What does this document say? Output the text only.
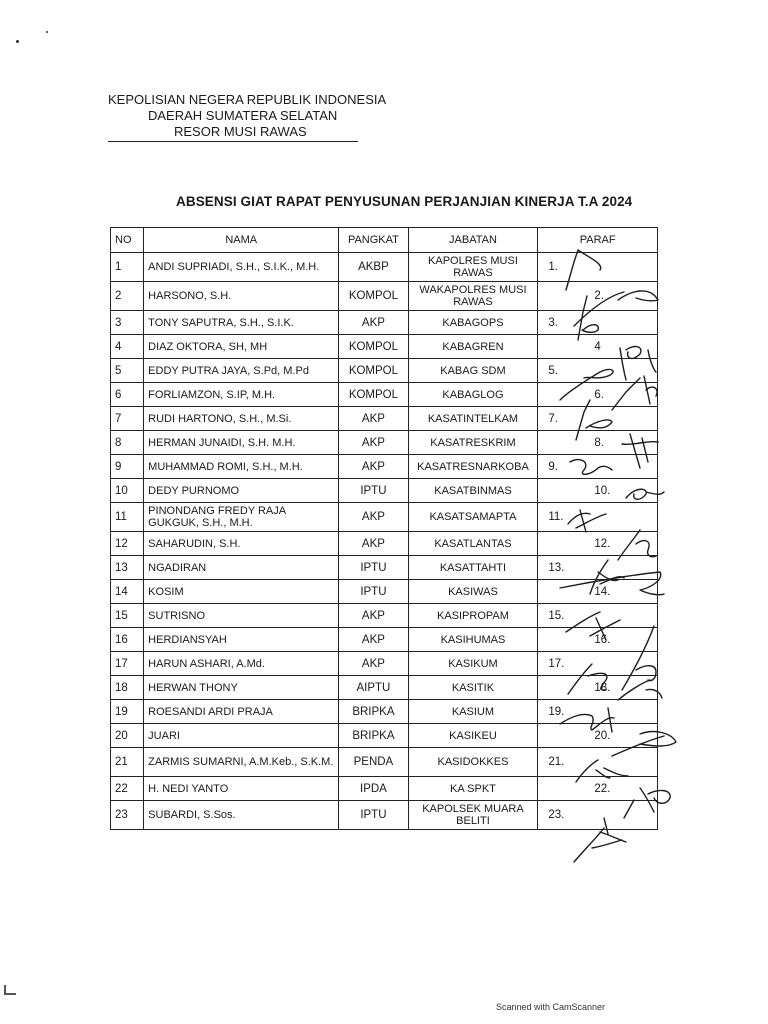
KEPOLISIAN NEGERA REPUBLIK INDONESIA
DAERAH SUMATERA SELATAN
RESOR MUSI RAWAS
ABSENSI GIAT RAPAT PENYUSUNAN PERJANJIAN KINERJA T.A 2024
NO	NAMA	PANGKAT	JABATAN	PARAF
1	ANDI SUPRIADI, S.H., S.I.K., M.H.	AKBP	KAPOLRES MUSI RAWAS	1.
2	HARSONO, S.H.	KOMPOL	WAKAPOLRES MUSI RAWAS	2.
3	TONY SAPUTRA, S.H., S.I.K.	AKP	KABAGOPS	3.
4	DIAZ OKTORA, SH, MH	KOMPOL	KABAGREN	4
5	EDDY PUTRA JAYA, S.Pd, M.Pd	KOMPOL	KABAG SDM	5.
6	FORLIAMZON, S.IP, M.H.	KOMPOL	KABAGLOG	6.
7	RUDI HARTONO, S.H., M.Si.	AKP	KASATINTELKAM	7.
8	HERMAN JUNAIDI, S.H. M.H.	AKP	KASATRESKRIM	8.
9	MUHAMMAD ROMI, S.H., M.H.	AKP	KASATRESNARKOBA	9.
10	DEDY PURNOMO	IPTU	KASATBINMAS	10.
11	PINONDANG FREDY RAJA GUKGUK, S.H., M.H.	AKP	KASATSAMAPTA	11.
12	SAHARUDIN, S.H.	AKP	KASATLANTAS	12.
13	NGADIRAN	IPTU	KASATTAHTI	13.
14	KOSIM	IPTU	KASIWAS	14.
15	SUTRISNO	AKP	KASIPROPAM	15.
16	HERDIANSYAH	AKP	KASIHUMAS	16.
17	HARUN ASHARI, A.Md.	AKP	KASIKUM	17.
18	HERWAN THONY	AIPTU	KASITIK	18.
19	ROESANDI ARDI PRAJA	BRIPKA	KASIUM	19.
20	JUARI	BRIPKA	KASIKEU	20.
21	ZARMIS SUMARNI, A.M.Keb., S.K.M.	PENDA	KASIDOKKES	21.
22	H. NEDI YANTO	IPDA	KA SPKT	22.
23	SUBARDI, S.Sos.	IPTU	KAPOLSEK MUARA BELITI	23.
Scanned with CamScanner
